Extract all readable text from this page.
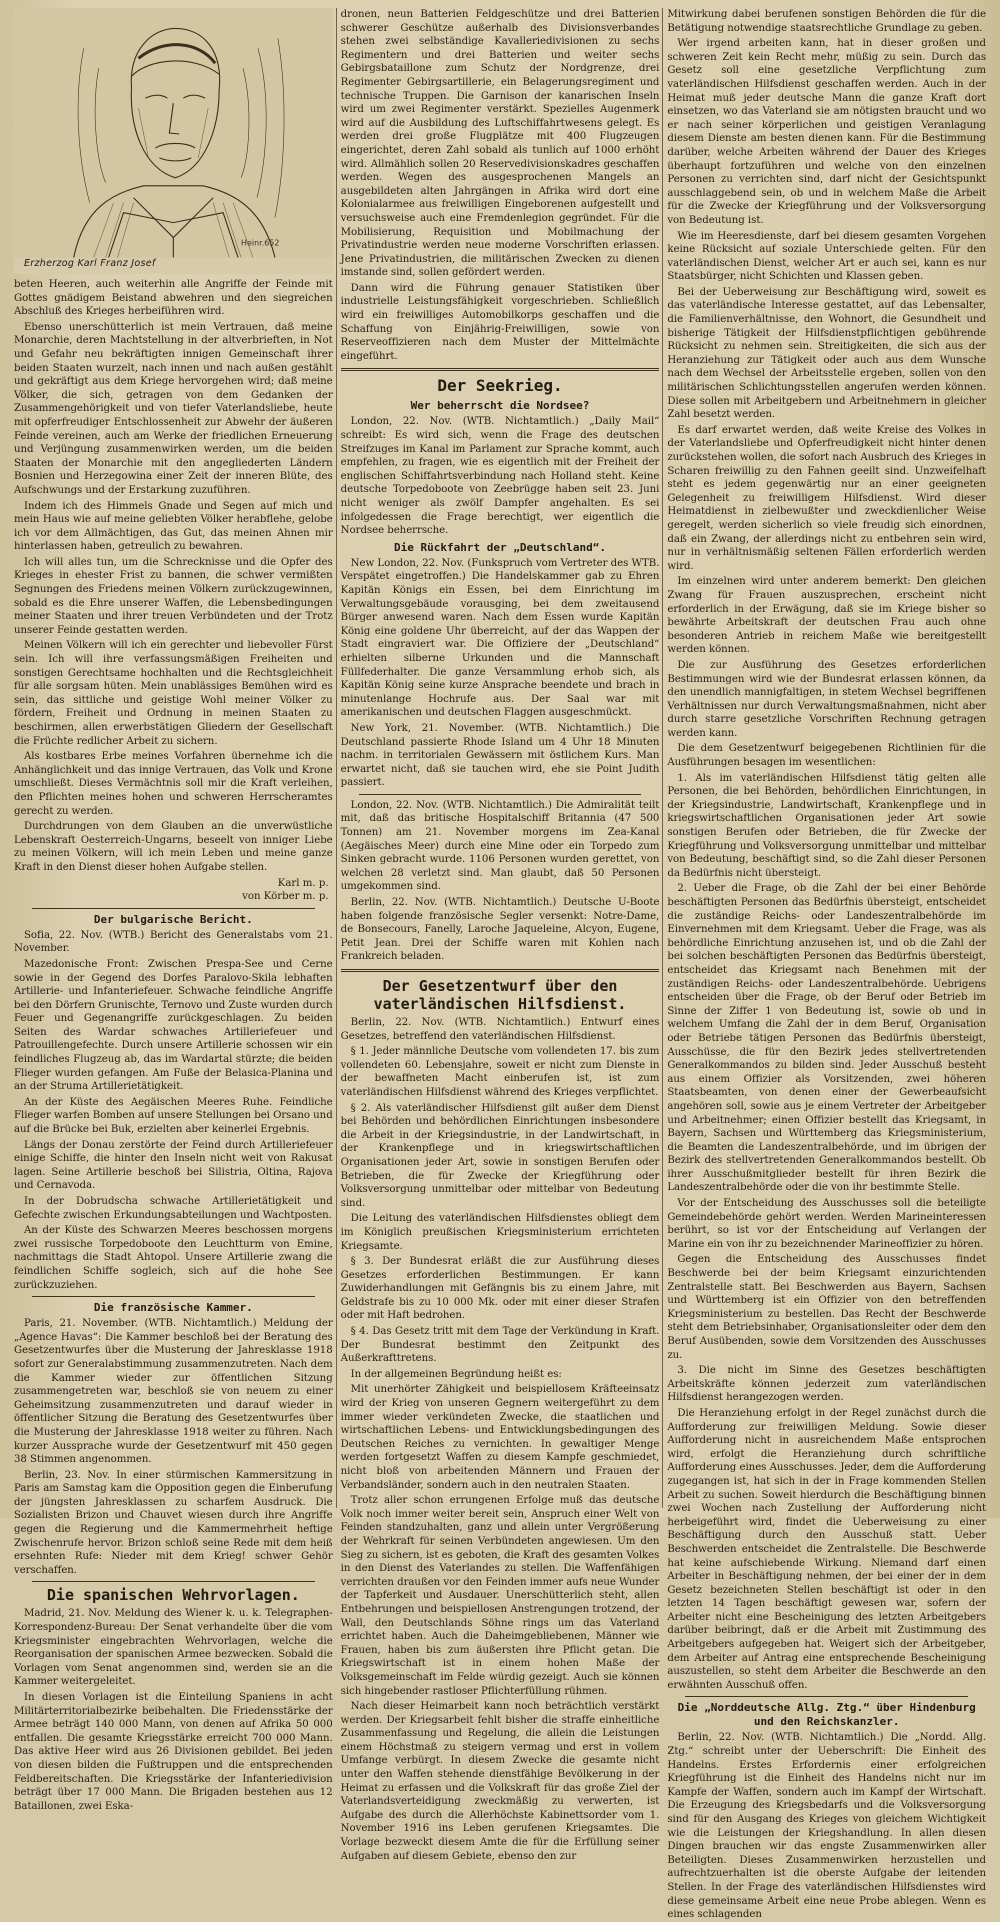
Heinr.652
Erzherzog Karl Franz Josef

beten Heeren, auch weiterhin alle Angriffe der Feinde mit Gottes gnädigem Beistand abwehren und den siegreichen Abschluß des Krieges herbeiführen wird.

Ebenso unerschütterlich ist mein Vertrauen, daß meine Monarchie, deren Machtstellung in der altverbrieften, in Not und Gefahr neu bekräftigten innigen Gemeinschaft ihrer beiden Staaten wurzelt, nach innen und nach außen gestählt und gekräftigt aus dem Kriege hervorgehen wird; daß meine Völker, die sich, getragen von dem Gedanken der Zusammengehörigkeit und von tiefer Vaterlandsliebe, heute mit opferfreudiger Entschlossenheit zur Abwehr der äußeren Feinde vereinen, auch am Werke der friedlichen Erneuerung und Verjüngung zusammenwirken werden, um die beiden Staaten der Monarchie mit den angegliederten Ländern Bosnien und Herzegowina einer Zeit der inneren Blüte, des Aufschwungs und der Erstarkung zuzuführen.

Indem ich des Himmels Gnade und Segen auf mich und mein Haus wie auf meine geliebten Völker herabflehe, gelobe ich vor dem Allmächtigen, das Gut, das meinen Ahnen mir hinterlassen haben, getreulich zu bewahren.

Ich will alles tun, um die Schrecknisse und die Opfer des Krieges in ehester Frist zu bannen, die schwer vermißten Segnungen des Friedens meinen Völkern zurückzugewinnen, sobald es die Ehre unserer Waffen, die Lebensbedingungen meiner Staaten und ihrer treuen Verbündeten und der Trotz unserer Feinde gestatten werden.

Meinen Völkern will ich ein gerechter und liebevoller Fürst sein. Ich will ihre verfassungsmäßigen Freiheiten und sonstigen Gerechtsame hochhalten und die Rechtsgleichheit für alle sorgsam hüten. Mein unablässiges Bemühen wird es sein, das sittliche und geistige Wohl meiner Völker zu fördern, Freiheit und Ordnung in meinen Staaten zu beschirmen, allen erwerbstätigen Gliedern der Gesellschaft die Früchte redlicher Arbeit zu sichern.

Als kostbares Erbe meines Vorfahren übernehme ich die Anhänglichkeit und das innige Vertrauen, das Volk und Krone umschließt. Dieses Vermächtnis soll mir die Kraft verleihen, den Pflichten meines hohen und schweren Herrscheramtes gerecht zu werden.

Durchdrungen von dem Glauben an die unverwüstliche Lebenskraft Oesterreich-Ungarns, beseelt von inniger Liebe zu meinen Völkern, will ich mein Leben und meine ganze Kraft in den Dienst dieser hohen Aufgabe stellen.

Karl m. p.
von Körber m. p.
Der bulgarische Bericht.

Sofia, 22. Nov. (WTB.) Bericht des Generalstabs vom 21. November.

Mazedonische Front: Zwischen Prespa-See und Cerne sowie in der Gegend des Dorfes Paralovo-Skila lebhaften Artillerie- und Infanteriefeuer. Schwache feindliche Angriffe bei den Dörfern Grunischte, Ternovo und Zuste wurden durch Feuer und Gegenangriffe zurückgeschlagen. Zu beiden Seiten des Wardar schwaches Artilleriefeuer und Patrouillengefechte. Durch unsere Artillerie schossen wir ein feindliches Flugzeug ab, das im Wardartal stürzte; die beiden Flieger wurden gefangen. Am Fuße der Belasica-Planina und an der Struma Artillerietätigkeit.

An der Küste des Aegäischen Meeres Ruhe. Feindliche Flieger warfen Bomben auf unsere Stellungen bei Orsano und auf die Brücke bei Buk, erzielten aber keinerlei Ergebnis.

Längs der Donau zerstörte der Feind durch Artilleriefeuer einige Schiffe, die hinter den Inseln nicht weit von Rakusat lagen. Seine Artillerie beschoß bei Silistria, Oltina, Rajova und Cernavoda.

In der Dobrudscha schwache Artillerietätigkeit und Gefechte zwischen Erkundungsabteilungen und Wachtposten.

An der Küste des Schwarzen Meeres beschossen morgens zwei russische Torpedoboote den Leuchtturm von Emine, nachmittags die Stadt Ahtopol. Unsere Artillerie zwang die feindlichen Schiffe sogleich, sich auf die hohe See zurückzuziehen.

Die französische Kammer.

Paris, 21. November. (WTB. Nichtamtlich.) Meldung der „Agence Havas“: Die Kammer beschloß bei der Beratung des Gesetzentwurfes über die Musterung der Jahresklasse 1918 sofort zur Generalabstimmung zusammenzutreten. Nach dem die Kammer wieder zur öffentlichen Sitzung zusammengetreten war, beschloß sie von neuem zu einer Geheimsitzung zusammenzutreten und darauf wieder in öffentlicher Sitzung die Beratung des Gesetzentwurfes über die Musterung der Jahresklasse 1918 weiter zu führen. Nach kurzer Aussprache wurde der Gesetzentwurf mit 450 gegen 38 Stimmen angenommen.

Berlin, 23. Nov. In einer stürmischen Kammersitzung in Paris am Samstag kam die Opposition gegen die Einberufung der jüngsten Jahresklassen zu scharfem Ausdruck. Die Sozialisten Brizon und Chauvet wiesen durch ihre Angriffe gegen die Regierung und die Kammermehrheit heftige Zwischenrufe hervor. Brizon schloß seine Rede mit dem heiß ersehnten Rufe: Nieder mit dem Krieg! schwer Gehör verschaffen.

Die spanischen Wehrvorlagen.

Madrid, 21. Nov. Meldung des Wiener k. u. k. Telegraphen-Korrespondenz-Bureau: Der Senat verhandelte über die vom Kriegsminister eingebrachten Wehrvorlagen, welche die Reorganisation der spanischen Armee bezwecken. Sobald die Vorlagen vom Senat angenommen sind, werden sie an die Kammer weitergeleitet.

In diesen Vorlagen ist die Einteilung Spaniens in acht Militärterritorialbezirke beibehalten. Die Friedensstärke der Armee beträgt 140 000 Mann, von denen auf Afrika 50 000 entfallen. Die gesamte Kriegsstärke erreicht 700 000 Mann. Das aktive Heer wird aus 26 Divisionen gebildet. Bei jeden von diesen bilden die Fußtruppen und die entsprechenden Feldbereitschaften. Die Kriegsstärke der Infanteriedivision beträgt über 17 000 Mann. Die Brigaden bestehen aus 12 Bataillonen, zwei Eska-

dronen, neun Batterien Feldgeschütze und drei Batterien schwerer Geschütze außerhalb des Divisionsverbandes stehen zwei selbständige Kavalleriedivisionen zu sechs Regimentern und drei Batterien und weiter sechs Gebirgsbataillone zum Schutz der Nordgrenze, drei Regimenter Gebirgsartillerie, ein Belagerungsregiment und technische Truppen. Die Garnison der kanarischen Inseln wird um zwei Regimenter verstärkt. Spezielles Augenmerk wird auf die Ausbildung des Luftschiffahrtwesens gelegt. Es werden drei große Flugplätze mit 400 Flugzeugen eingerichtet, deren Zahl sobald als tunlich auf 1000 erhöht wird. Allmählich sollen 20 Reservedivisionskadres geschaffen werden. Wegen des ausgesprochenen Mangels an ausgebildeten alten Jahrgängen in Afrika wird dort eine Kolonialarmee aus freiwilligen Eingeborenen aufgestellt und versuchsweise auch eine Fremdenlegion gegründet. Für die Mobilisierung, Requisition und Mobilmachung der Privatindustrie werden neue moderne Vorschriften erlassen. Jene Privatindustrien, die militärischen Zwecken zu dienen imstande sind, sollen gefördert werden.

Dann wird die Führung genauer Statistiken über industrielle Leistungsfähigkeit vorgeschrieben. Schließlich wird ein freiwilliges Automobilkorps geschaffen und die Schaffung von Einjährig-Freiwilligen, sowie von Reserveoffizieren nach dem Muster der Mittelmächte eingeführt.

Der Seekrieg.
Wer beherrscht die Nordsee?

London, 22. Nov. (WTB. Nichtamtlich.) „Daily Mail“ schreibt: Es wird sich, wenn die Frage des deutschen Streifzuges im Kanal im Parlament zur Sprache kommt, auch empfehlen, zu fragen, wie es eigentlich mit der Freiheit der englischen Schiffahrtsverbindung nach Holland steht. Keine deutsche Torpedoboote von Zeebrügge haben seit 23. Juni nicht weniger als zwölf Dampfer angehalten. Es sei infolgedessen die Frage berechtigt, wer eigentlich die Nordsee beherrsche.

Die Rückfahrt der „Deutschland“.

New London, 22. Nov. (Funkspruch vom Vertreter des WTB. Verspätet eingetroffen.) Die Handelskammer gab zu Ehren Kapitän Königs ein Essen, bei dem Einrichtung im Verwaltungsgebäude vorausging, bei dem zweitausend Bürger anwesend waren. Nach dem Essen wurde Kapitän König eine goldene Uhr überreicht, auf der das Wappen der Stadt eingraviert war. Die Offiziere der „Deutschland“ erhielten silberne Urkunden und die Mannschaft Füllfederhalter. Die ganze Versammlung erhob sich, als Kapitän König seine kurze Ansprache beendete und brach in minutenlange Hochrufe aus. Der Saal war mit amerikanischen und deutschen Flaggen ausgeschmückt.

New York, 21. November. (WTB. Nichtamtlich.) Die Deutschland passierte Rhode Island um 4 Uhr 18 Minuten nachm. in territorialen Gewässern mit östlichem Kurs. Man erwartet nicht, daß sie tauchen wird, ehe sie Point Judith passiert.

London, 22. Nov. (WTB. Nichtamtlich.) Die Admiralität teilt mit, daß das britische Hospitalschiff Britannia (47 500 Tonnen) am 21. November morgens im Zea-Kanal (Aegäisches Meer) durch eine Mine oder ein Torpedo zum Sinken gebracht wurde. 1106 Personen wurden gerettet, von welchen 28 verletzt sind. Man glaubt, daß 50 Personen umgekommen sind.

Berlin, 22. Nov. (WTB. Nichtamtlich.) Deutsche U-Boote haben folgende französische Segler versenkt: Notre-Dame, de Bonsecours, Fanelly, Laroche Jaqueleine, Alcyon, Eugene, Petit Jean. Drei der Schiffe waren mit Kohlen nach Frankreich beladen.

Der Gesetzentwurf über den vaterländischen Hilfsdienst.

Berlin, 22. Nov. (WTB. Nichtamtlich.) Entwurf eines Gesetzes, betreffend den vaterländischen Hilfsdienst.

§ 1. Jeder männliche Deutsche vom vollendeten 17. bis zum vollendeten 60. Lebensjahre, soweit er nicht zum Dienste in der bewaffneten Macht einberufen ist, ist zum vaterländischen Hilfsdienst während des Krieges verpflichtet.

§ 2. Als vaterländischer Hilfsdienst gilt außer dem Dienst bei Behörden und behördlichen Einrichtungen insbesondere die Arbeit in der Kriegsindustrie, in der Landwirtschaft, in der Krankenpflege und in kriegswirtschaftlichen Organisationen jeder Art, sowie in sonstigen Berufen oder Betrieben, die für Zwecke der Kriegführung oder Volksversorgung unmittelbar oder mittelbar von Bedeutung sind.

Die Leitung des vaterländischen Hilfsdienstes obliegt dem im Königlich preußischen Kriegsministerium errichteten Kriegsamte.

§ 3. Der Bundesrat erläßt die zur Ausführung dieses Gesetzes erforderlichen Bestimmungen. Er kann Zuwiderhandlungen mit Gefängnis bis zu einem Jahre, mit Geldstrafe bis zu 10 000 Mk. oder mit einer dieser Strafen oder mit Haft bedrohen.

§ 4. Das Gesetz tritt mit dem Tage der Verkündung in Kraft. Der Bundesrat bestimmt den Zeitpunkt des Außerkrafttretens.

In der allgemeinen Begründung heißt es:

Mit unerhörter Zähigkeit und beispiellosem Kräfteeinsatz wird der Krieg von unseren Gegnern weitergeführt zu dem immer wieder verkündeten Zwecke, die staatlichen und wirtschaftlichen Lebens- und Entwicklungsbedingungen des Deutschen Reiches zu vernichten. In gewaltiger Menge werden fortgesetzt Waffen zu diesem Kampfe geschmiedet, nicht bloß von arbeitenden Männern und Frauen der Verbandsländer, sondern auch in den neutralen Staaten.

Trotz aller schon errungenen Erfolge muß das deutsche Volk noch immer weiter bereit sein, Anspruch einer Welt von Feinden standzuhalten, ganz und allein unter Vergrößerung der Wehrkraft für seinen Verbündeten angewiesen. Um den Sieg zu sichern, ist es geboten, die Kraft des gesamten Volkes in den Dienst des Vaterlandes zu stellen. Die Waffenfähigen verrichten draußen vor den Feinden immer aufs neue Wunder der Tapferkeit und Ausdauer. Unerschütterlich steht, allen Entbehrungen und beispiellosen Anstrengungen trotzend, der Wall, den Deutschlands Söhne rings um das Vaterland errichtet haben. Auch die Daheimgebliebenen, Männer wie Frauen, haben bis zum äußersten ihre Pflicht getan. Die Kriegswirtschaft ist in einem hohen Maße der Volksgemeinschaft im Felde würdig gezeigt. Auch sie können sich hingebender rastloser Pflichterfüllung rühmen.

Nach dieser Heimarbeit kann noch beträchtlich verstärkt werden. Der Kriegsarbeit fehlt bisher die straffe einheitliche Zusammenfassung und Regelung, die allein die Leistungen einem Höchstmaß zu steigern vermag und erst in vollem Umfange verbürgt. In diesem Zwecke die gesamte nicht unter den Waffen stehende dienstfähige Bevölkerung in der Heimat zu erfassen und die Volkskraft für das große Ziel der Vaterlandsverteidigung zweckmäßig zu verwerten, ist Aufgabe des durch die Allerhöchste Kabinettsorder vom 1. November 1916 ins Leben gerufenen Kriegsamtes. Die Vorlage bezweckt diesem Amte die für die Erfüllung seiner Aufgaben auf diesem Gebiete, ebenso den zur

Mitwirkung dabei berufenen sonstigen Behörden die für die Betätigung notwendige staatsrechtliche Grundlage zu geben.

Wer irgend arbeiten kann, hat in dieser großen und schweren Zeit kein Recht mehr, müßig zu sein. Durch das Gesetz soll eine gesetzliche Verpflichtung zum vaterländischen Hilfsdienst geschaffen werden. Auch in der Heimat muß jeder deutsche Mann die ganze Kraft dort einsetzen, wo das Vaterland sie am nötigsten braucht und wo er nach seiner körperlichen und geistigen Veranlagung diesem Dienste am besten dienen kann. Für die Bestimmung darüber, welche Arbeiten während der Dauer des Krieges überhaupt fortzuführen und welche von den einzelnen Personen zu verrichten sind, darf nicht der Gesichtspunkt ausschlaggebend sein, ob und in welchem Maße die Arbeit für die Zwecke der Kriegführung und der Volksversorgung von Bedeutung ist.

Wie im Heeresdienste, darf bei diesem gesamten Vorgehen keine Rücksicht auf soziale Unterschiede gelten. Für den vaterländischen Dienst, welcher Art er auch sei, kann es nur Staatsbürger, nicht Schichten und Klassen geben.

Bei der Ueberweisung zur Beschäftigung wird, soweit es das vaterländische Interesse gestattet, auf das Lebensalter, die Familienverhältnisse, den Wohnort, die Gesundheit und bisherige Tätigkeit der Hilfsdienstpflichtigen gebührende Rücksicht zu nehmen sein. Streitigkeiten, die sich aus der Heranziehung zur Tätigkeit oder auch aus dem Wunsche nach dem Wechsel der Arbeitsstelle ergeben, sollen von den militärischen Schlichtungsstellen angerufen werden können. Diese sollen mit Arbeitgebern und Arbeitnehmern in gleicher Zahl besetzt werden.

Es darf erwartet werden, daß weite Kreise des Volkes in der Vaterlandsliebe und Opferfreudigkeit nicht hinter denen zurückstehen wollen, die sofort nach Ausbruch des Krieges in Scharen freiwillig zu den Fahnen geeilt sind. Unzweifelhaft steht es jedem gegenwärtig nur an einer geeigneten Gelegenheit zu freiwilligem Hilfsdienst. Wird dieser Heimatdienst in zielbewußter und zweckdienlicher Weise geregelt, werden sicherlich so viele freudig sich einordnen, daß ein Zwang, der allerdings nicht zu entbehren sein wird, nur in verhältnismäßig seltenen Fällen erforderlich werden wird.

Im einzelnen wird unter anderem bemerkt: Den gleichen Zwang für Frauen auszusprechen, erscheint nicht erforderlich in der Erwägung, daß sie im Kriege bisher so bewährte Arbeitskraft der deutschen Frau auch ohne besonderen Antrieb in reichem Maße wie bereitgestellt werden können.

Die zur Ausführung des Gesetzes erforderlichen Bestimmungen wird wie der Bundesrat erlassen können, da den unendlich mannigfaltigen, in stetem Wechsel begriffenen Verhältnissen nur durch Verwaltungsmaßnahmen, nicht aber durch starre gesetzliche Vorschriften Rechnung getragen werden kann.

Die dem Gesetzentwurf beigegebenen Richtlinien für die Ausführungen besagen im wesentlichen:

1. Als im vaterländischen Hilfsdienst tätig gelten alle Personen, die bei Behörden, behördlichen Einrichtungen, in der Kriegsindustrie, Landwirtschaft, Krankenpflege und in kriegswirtschaftlichen Organisationen jeder Art sowie sonstigen Berufen oder Betrieben, die für Zwecke der Kriegführung und Volksversorgung unmittelbar und mittelbar von Bedeutung, beschäftigt sind, so die Zahl dieser Personen da Bedürfnis nicht übersteigt.

2. Ueber die Frage, ob die Zahl der bei einer Behörde beschäftigten Personen das Bedürfnis übersteigt, entscheidet die zuständige Reichs- oder Landeszentralbehörde im Einvernehmen mit dem Kriegsamt. Ueber die Frage, was als behördliche Einrichtung anzusehen ist, und ob die Zahl der bei solchen beschäftigten Personen das Bedürfnis übersteigt, entscheidet das Kriegsamt nach Benehmen mit der zuständigen Reichs- oder Landeszentralbehörde. Uebrigens entscheiden über die Frage, ob der Beruf oder Betrieb im Sinne der Ziffer 1 von Bedeutung ist, sowie ob und in welchem Umfang die Zahl der in dem Beruf, Organisation oder Betriebe tätigen Personen das Bedürfnis übersteigt, Ausschüsse, die für den Bezirk jedes stellvertretenden Generalkommandos zu bilden sind. Jeder Ausschuß besteht aus einem Offizier als Vorsitzenden, zwei höheren Staatsbeamten, von denen einer der Gewerbeaufsicht angehören soll, sowie aus je einem Vertreter der Arbeitgeber und Arbeitnehmer; einen Offizier bestellt das Kriegsamt, in Bayern, Sachsen und Württemberg das Kriegsministerium, die Beamten die Landeszentralbehörde, und im übrigen der Bezirk des stellvertretenden Generalkommandos bestellt. Ob ihrer Ausschußmitglieder bestellt für ihren Bezirk die Landeszentralbehörde oder die von ihr bestimmte Stelle.

Vor der Entscheidung des Ausschusses soll die beteiligte Gemeindebehörde gehört werden. Werden Marineinteressen berührt, so ist vor der Entscheidung auf Verlangen der Marine ein von ihr zu bezeichnender Marineoffizier zu hören.

Gegen die Entscheidung des Ausschusses findet Beschwerde bei der beim Kriegsamt einzurichtenden Zentralstelle statt. Bei Beschwerden aus Bayern, Sachsen und Württemberg ist ein Offizier von den betreffenden Kriegsministerium zu bestellen. Das Recht der Beschwerde steht dem Betriebsinhaber, Organisationsleiter oder dem den Beruf Ausübenden, sowie dem Vorsitzenden des Ausschusses zu.

3. Die nicht im Sinne des Gesetzes beschäftigten Arbeitskräfte können jederzeit zum vaterländischen Hilfsdienst herangezogen werden.

Die Heranziehung erfolgt in der Regel zunächst durch die Aufforderung zur freiwilligen Meldung. Sowie dieser Aufforderung nicht in ausreichendem Maße entsprochen wird, erfolgt die Heranziehung durch schriftliche Aufforderung eines Ausschusses. Jeder, dem die Aufforderung zugegangen ist, hat sich in der in Frage kommenden Stellen Arbeit zu suchen. Soweit hierdurch die Beschäftigung binnen zwei Wochen nach Zustellung der Aufforderung nicht herbeigeführt wird, findet die Ueberweisung zu einer Beschäftigung durch den Ausschuß statt. Ueber Beschwerden entscheidet die Zentralstelle. Die Beschwerde hat keine aufschiebende Wirkung. Niemand darf einen Arbeiter in Beschäftigung nehmen, der bei einer der in dem Gesetz bezeichneten Stellen beschäftigt ist oder in den letzten 14 Tagen beschäftigt gewesen war, sofern der Arbeiter nicht eine Bescheinigung des letzten Arbeitgebers darüber beibringt, daß er die Arbeit mit Zustimmung des Arbeitgebers aufgegeben hat. Weigert sich der Arbeitgeber, dem Arbeiter auf Antrag eine entsprechende Bescheinigung auszustellen, so steht dem Arbeiter die Beschwerde an den erwähnten Ausschuß offen.

Die „Norddeutsche Allg. Ztg.“ über Hindenburg und den Reichskanzler.

Berlin, 22. Nov. (WTB. Nichtamtlich.) Die „Nordd. Allg. Ztg.“ schreibt unter der Ueberschrift: Die Einheit des Handelns. Erstes Erfordernis einer erfolgreichen Kriegführung ist die Einheit des Handelns nicht nur im Kampfe der Waffen, sondern auch im Kampf der Wirtschaft. Die Erzeugung des Kriegsbedarfs und die Volksversorgung sind für den Ausgang des Krieges von gleichem Wichtigkeit wie die Leistungen der Kriegshandlung. In allen diesen Dingen brauchen wir das engste Zusammenwirken aller Beteiligten. Dieses Zusammenwirken herzustellen und aufrechtzuerhalten ist die oberste Aufgabe der leitenden Stellen. In der Frage des vaterländischen Hilfsdienstes wird diese gemeinsame Arbeit eine neue Probe ablegen. Wenn es eines schlagenden
